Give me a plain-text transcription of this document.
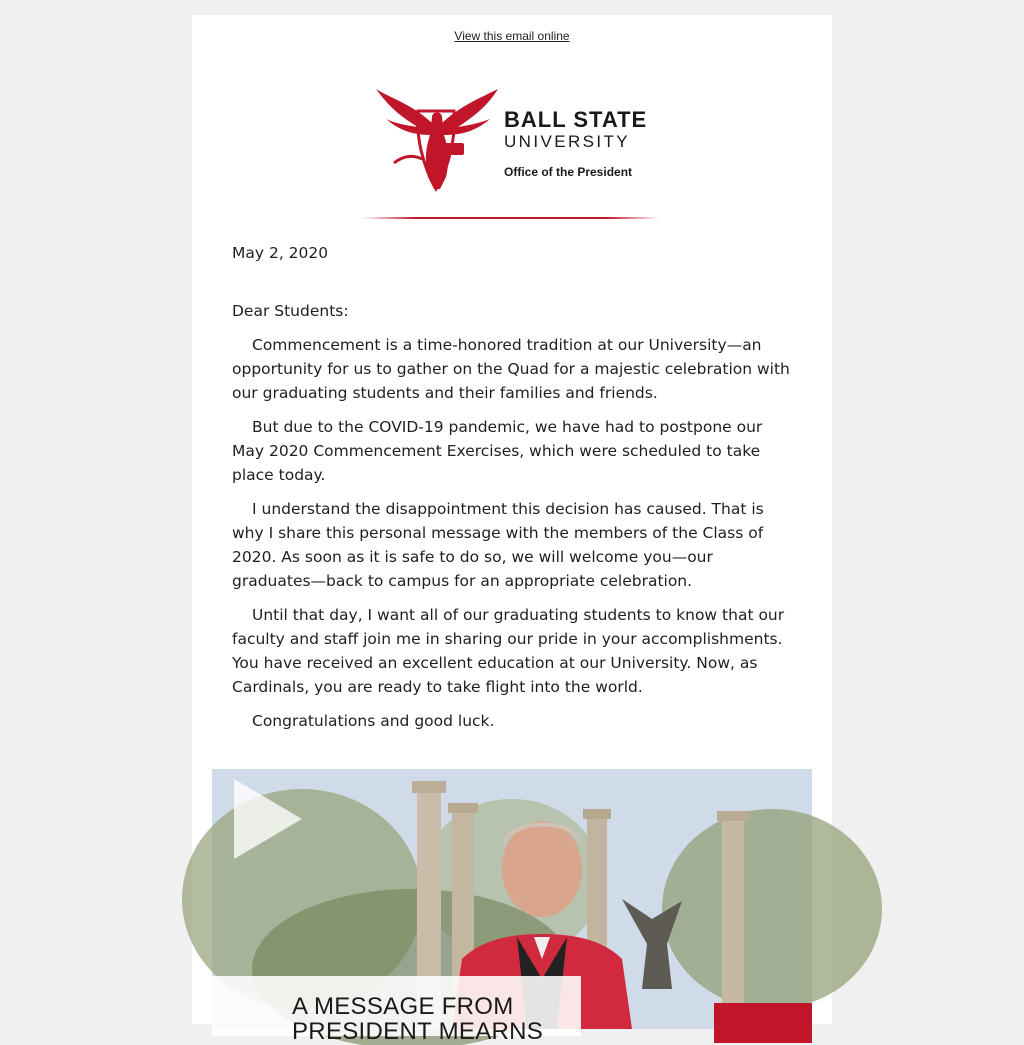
View this email online
BALL STATE
UNIVERSITY
Office of the President

May 2, 2020

Dear Students:

Commencement is a time-honored tradition at our University—an opportunity for us to gather on the Quad for a majestic celebration with our graduating students and their families and friends.

But due to the COVID-19 pandemic, we have had to postpone our May 2020 Commencement Exercises, which were scheduled to take place today.

I understand the disappointment this decision has caused. That is why I share this personal message with the members of the Class of 2020. As soon as it is safe to do so, we will welcome you—our graduates—back to campus for an appropriate celebration.

Until that day, I want all of our graduating students to know that our faculty and staff join me in sharing our pride in your accomplishments. You have received an excellent education at our University. Now, as Cardinals, you are ready to take flight into the world.

Congratulations and good luck.

A MESSAGE FROM PRESIDENT MEARNS
